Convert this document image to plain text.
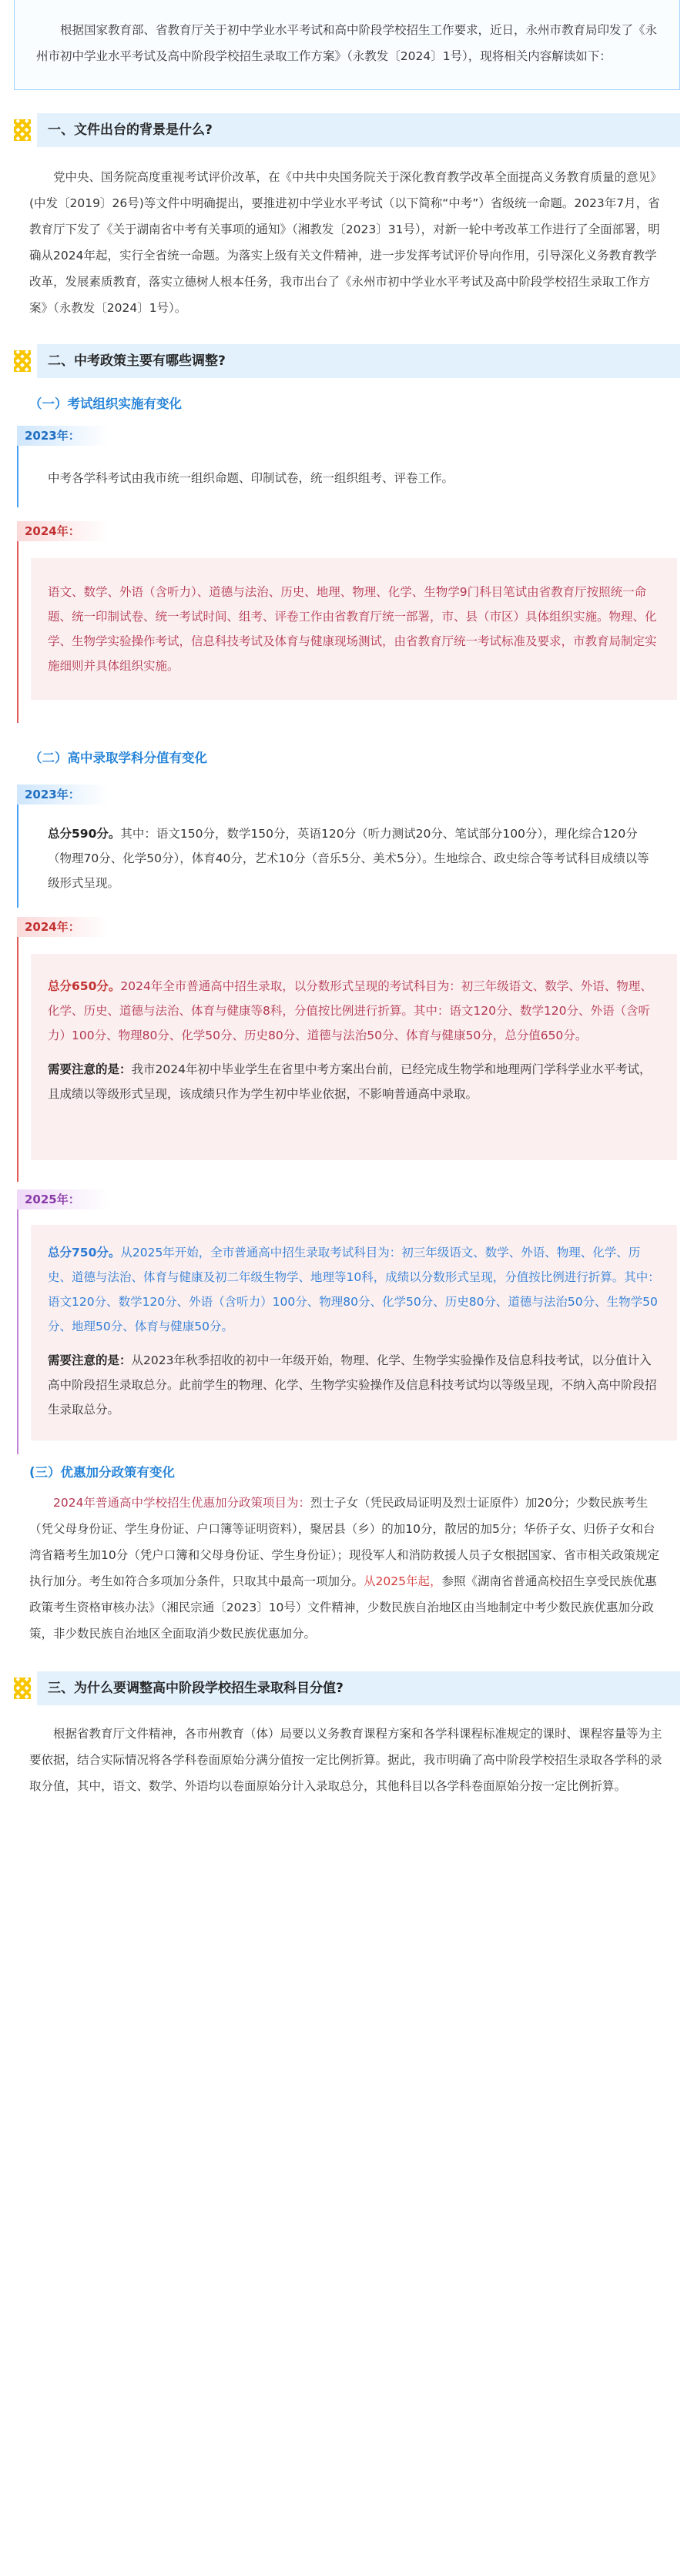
根据国家教育部、省教育厅关于初中学业水平考试和高中阶段学校招生工作要求，近日，永州市教育局印发了《永州市初中学业水平考试及高中阶段学校招生录取工作方案》（永教发〔2024〕1号），现将相关内容解读如下：
一、文件出台的背景是什么?
党中央、国务院高度重视考试评价改革，在《中共中央国务院关于深化教育教学改革全面提高义务教育质量的意见》(中发〔2019〕26号)等文件中明确提出，要推进初中学业水平考试（以下简称“中考”）省级统一命题。2023年7月，省教育厅下发了《关于湖南省中考有关事项的通知》（湘教发〔2023〕31号），对新一轮中考改革工作进行了全面部署，明确从2024年起，实行全省统一命题。为落实上级有关文件精神，进一步发挥考试评价导向作用，引导深化义务教育教学改革，发展素质教育，落实立德树人根本任务，我市出台了《永州市初中学业水平考试及高中阶段学校招生录取工作方案》（永教发〔2024〕1号）。
二、中考政策主要有哪些调整?
（一）考试组织实施有变化
2023年：
中考各学科考试由我市统一组织命题、印制试卷，统一组织组考、评卷工作。
2024年：
语文、数学、外语（含听力）、道德与法治、历史、地理、物理、化学、生物学9门科目笔试由省教育厅按照统一命题、统一印制试卷、统一考试时间、组考、评卷工作由省教育厅统一部署，市、县（市区）具体组织实施。物理、化学、生物学实验操作考试，信息科技考试及体育与健康现场测试，由省教育厅统一考试标准及要求，市教育局制定实施细则并具体组织实施。
（二）高中录取学科分值有变化
2023年：
总分590分。其中：语文150分，数学150分，英语120分（听力测试20分、笔试部分100分），理化综合120分（物理70分、化学50分），体育40分，艺术10分（音乐5分、美术5分）。生地综合、政史综合等考试科目成绩以等级形式呈现。
2024年：
总分650分。2024年全市普通高中招生录取，以分数形式呈现的考试科目为：初三年级语文、数学、外语、物理、化学、历史、道德与法治、体育与健康等8科，分值按比例进行折算。其中：语文120分、数学120分、外语（含听力）100分、物理80分、化学50分、历史80分、道德与法治50分、体育与健康50分，总分值650分。
需要注意的是：我市2024年初中毕业学生在省里中考方案出台前，已经完成生物学和地理两门学科学业水平考试，且成绩以等级形式呈现，该成绩只作为学生初中毕业依据，不影响普通高中录取。
2025年：
总分750分。从2025年开始，全市普通高中招生录取考试科目为：初三年级语文、数学、外语、物理、化学、历史、道德与法治、体育与健康及初二年级生物学、地理等10科，成绩以分数形式呈现，分值按比例进行折算。其中：语文120分、数学120分、外语（含听力）100分、物理80分、化学50分、历史80分、道德与法治50分、生物学50分、地理50分、体育与健康50分。
需要注意的是：从2023年秋季招收的初中一年级开始，物理、化学、生物学实验操作及信息科技考试，以分值计入高中阶段招生录取总分。此前学生的物理、化学、生物学实验操作及信息科技考试均以等级呈现，不纳入高中阶段招生录取总分。
(三）优惠加分政策有变化
2024年普通高中学校招生优惠加分政策项目为：烈士子女（凭民政局证明及烈士证原件）加20分；少数民族考生（凭父母身份证、学生身份证、户口簿等证明资料），聚居县（乡）的加10分，散居的加5分；华侨子女、归侨子女和台湾省籍考生加10分（凭户口簿和父母身份证、学生身份证）；现役军人和消防救援人员子女根据国家、省市相关政策规定执行加分。考生如符合多项加分条件，只取其中最高一项加分。从2025年起，参照《湖南省普通高校招生享受民族优惠政策考生资格审核办法》（湘民宗通〔2023〕10号）文件精神，少数民族自治地区由当地制定中考少数民族优惠加分政策，非少数民族自治地区全面取消少数民族优惠加分。
三、为什么要调整高中阶段学校招生录取科目分值?
根据省教育厅文件精神，各市州教育（体）局要以义务教育课程方案和各学科课程标准规定的课时、课程容量等为主要依据，结合实际情况将各学科卷面原始分满分值按一定比例折算。据此，我市明确了高中阶段学校招生录取各学科的录取分值，其中，语文、数学、外语均以卷面原始分计入录取总分，其他科目以各学科卷面原始分按一定比例折算。
